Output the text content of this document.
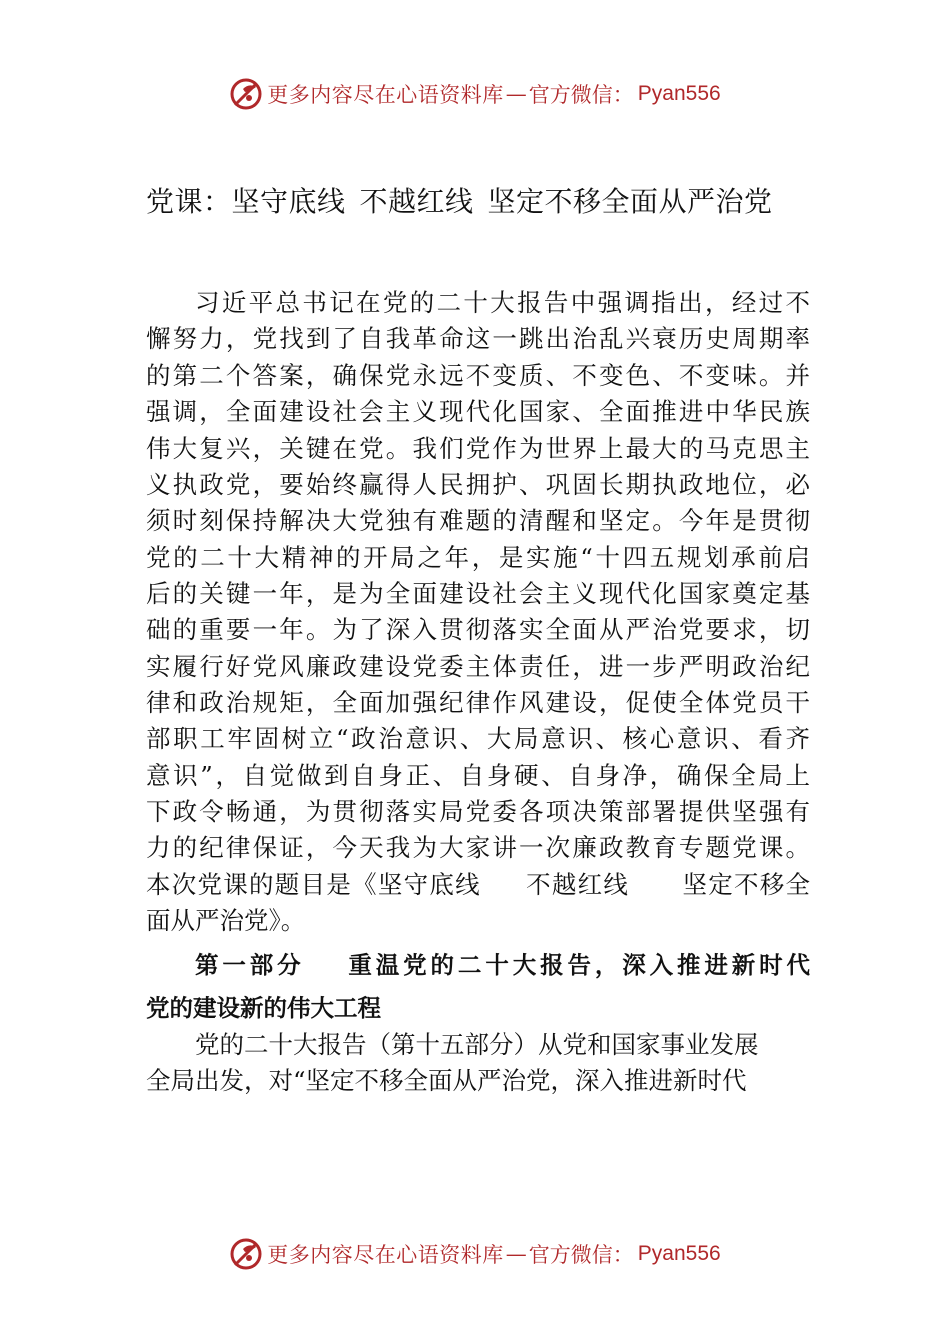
更多内容尽在心语资料库 — 官方微信： Pyan556
党课：坚守底线 不越红线 坚定不移全面从严治党
习近平总书记在党的二十大报告中强调指出，经过不
懈努力，党找到了自我革命这一跳出治乱兴衰历史周期率
的第二个答案，确保党永远不变质、不变色、不变味。并
强调，全面建设社会主义现代化国家、全面推进中华民族
伟大复兴，关键在党。我们党作为世界上最大的马克思主
义执政党，要始终赢得人民拥护、巩固长期执政地位，必
须时刻保持解决大党独有难题的清醒和坚定。今年是贯彻
党的二十大精神的开局之年，是实施“十四五规划承前启
后的关键一年，是为全面建设社会主义现代化国家奠定基
础的重要一年。为了深入贯彻落实全面从严治党要求，切
实履行好党风廉政建设党委主体责任，进一步严明政治纪
律和政治规矩，全面加强纪律作风建设，促使全体党员干
部职工牢固树立“政治意识、大局意识、核心意识、看齐
意识”，自觉做到自身正、自身硬、自身净，确保全局上
下政令畅通，为贯彻落实局党委各项决策部署提供坚强有
力的纪律保证，今天我为大家讲一次廉政教育专题党课。
本次党课的题目是《坚守底线 不越红线 坚定不移全
面从严治党》。
第一部分 重温党的二十大报告，深入推进新时代
党的建设新的伟大工程
党的二十大报告（第十五部分）从党和国家事业发展
全局出发，对“坚定不移全面从严治党，深入推进新时代
更多内容尽在心语资料库 — 官方微信： Pyan556
